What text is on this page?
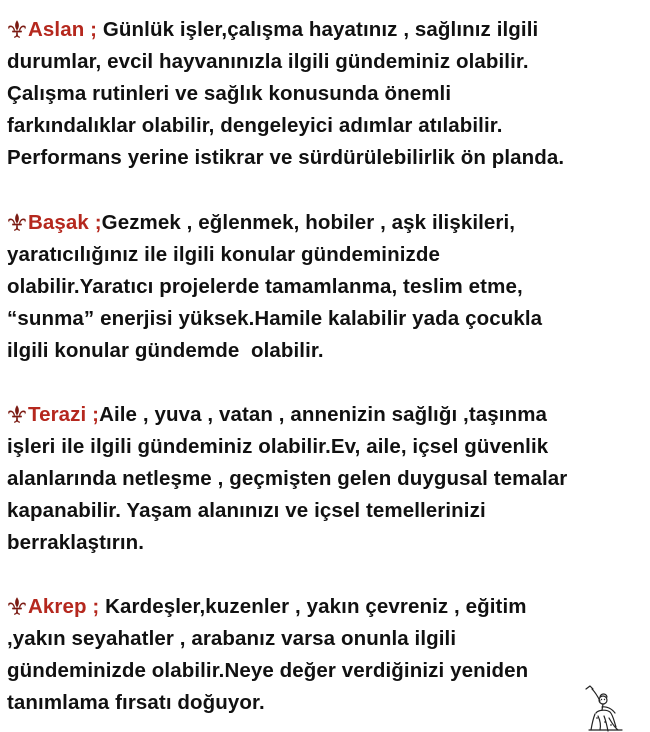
Aslan ; Günlük işler,çalışma hayatınız , sağlınız ilgili
durumlar, evcil hayvanınızla ilgili gündeminiz olabilir.
Çalışma rutinleri ve sağlık konusunda önemli
farkındalıklar olabilir, dengeleyici adımlar atılabilir.
Performans yerine istikrar ve sürdürülebilirlik ön planda.
Başak ;Gezmek , eğlenmek, hobiler , aşk ilişkileri,
yaratıcılığınız ile ilgili konular gündeminizde
olabilir.Yaratıcı projelerde tamamlanma, teslim etme,
“sunma” enerjisi yüksek.Hamile kalabilir yada çocukla
ilgili konular gündemde  olabilir.
Terazi ;Aile , yuva , vatan , annenizin sağlığı ,taşınma
işleri ile ilgili gündeminiz olabilir.Ev, aile, içsel güvenlik
alanlarında netleşme , geçmişten gelen duygusal temalar
kapanabilir. Yaşam alanınızı ve içsel temellerinizi
berraklaştırın.
Akrep ; Kardeşler,kuzenler , yakın çevreniz , eğitim
,yakın seyahatler , arabanız varsa onunla ilgili
gündeminizde olabilir.Neye değer verdiğinizi yeniden
tanımlama fırsatı doğuyor.
